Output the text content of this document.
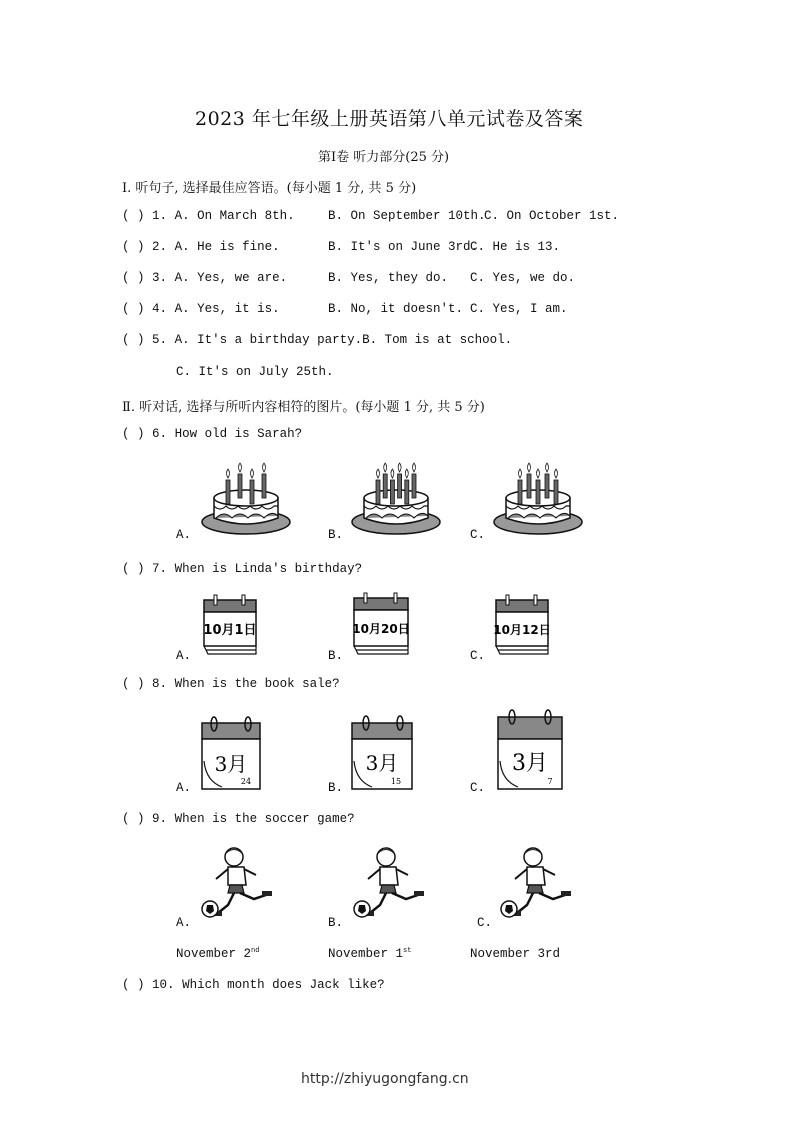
2023 年七年级上册英语第八单元试卷及答案
第Ⅰ卷 听力部分(25 分)
Ⅰ. 听句子, 选择最佳应答语。(每小题 1 分, 共 5 分)
( ) 1. A. On March 8th.	B. On September 10th.
C. On October 1st.
( ) 2. A. He is fine.	B. It's on June 3rd.
C. He is 13.
( ) 3. A. Yes, we are.	B. Yes, they do. C. Yes, we do.
( ) 4. A. Yes, it is.	B. No, it doesn't. C. Yes, I am.
( ) 5. A. It's a birthday party.B. Tom is at school.
C. It's on July 25th.
Ⅱ. 听对话, 选择与所听内容相符的图片。(每小题 1 分, 共 5 分)
( ) 6. How old is Sarah?
A.	B.	C.
( ) 7. When is Linda's birthday?
A.	B.	C.
10月1日	10月20日	10月12日
( ) 8. When is the book sale?
A.	B.	C.
3月
24
3月
15
3月
7
( ) 9. When is the soccer game?
A.	B.	C.
November 2nd	November 1st	November 3rd
( ) 10. Which month does Jack like?
http://zhiyugongfang.cn
